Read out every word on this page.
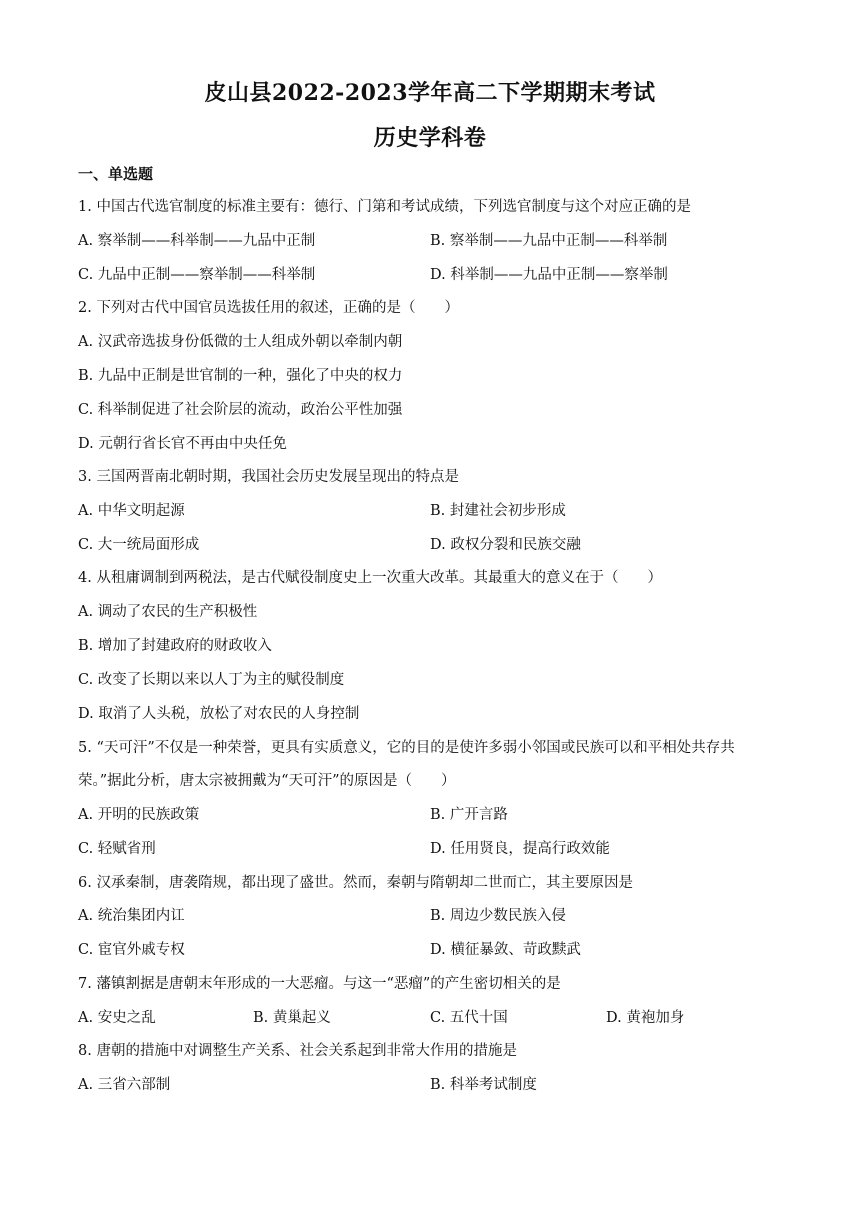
皮山县2022-2023学年高二下学期期末考试
历史学科卷
一、单选题
1. 中国古代选官制度的标准主要有：德行、门第和考试成绩，下列选官制度与这个对应正确的是
A. 察举制——科举制——九品中正制	B. 察举制——九品中正制——科举制
C. 九品中正制——察举制——科举制	D. 科举制——九品中正制——察举制
2. 下列对古代中国官员选拔任用的叙述，正确的是（　　）
A. 汉武帝选拔身份低微的士人组成外朝以牵制内朝
B. 九品中正制是世官制的一种，强化了中央的权力
C. 科举制促进了社会阶层的流动，政治公平性加强
D. 元朝行省长官不再由中央任免
3. 三国两晋南北朝时期，我国社会历史发展呈现出的特点是
A. 中华文明起源	B. 封建社会初步形成
C. 大一统局面形成	D. 政权分裂和民族交融
4. 从租庸调制到两税法，是古代赋役制度史上一次重大改革。其最重大的意义在于（　　）
A. 调动了农民的生产积极性
B. 增加了封建政府的财政收入
C. 改变了长期以来以人丁为主的赋役制度
D. 取消了人头税，放松了对农民的人身控制
5. “天可汗”不仅是一种荣誉，更具有实质意义，它的目的是使许多弱小邻国或民族可以和平相处共存共
荣。”据此分析，唐太宗被拥戴为“天可汗”的原因是（　　）
A. 开明的民族政策	B. 广开言路
C. 轻赋省刑	D. 任用贤良，提高行政效能
6. 汉承秦制，唐袭隋规，都出现了盛世。然而，秦朝与隋朝却二世而亡，其主要原因是
A. 统治集团内讧	B. 周边少数民族入侵
C. 宦官外戚专权	D. 横征暴敛、苛政黩武
7. 藩镇割据是唐朝末年形成的一大恶瘤。与这一“恶瘤”的产生密切相关的是
A. 安史之乱	B. 黄巢起义	C. 五代十国	D. 黄袍加身
8. 唐朝的措施中对调整生产关系、社会关系起到非常大作用的措施是
A. 三省六部制	B. 科举考试制度
